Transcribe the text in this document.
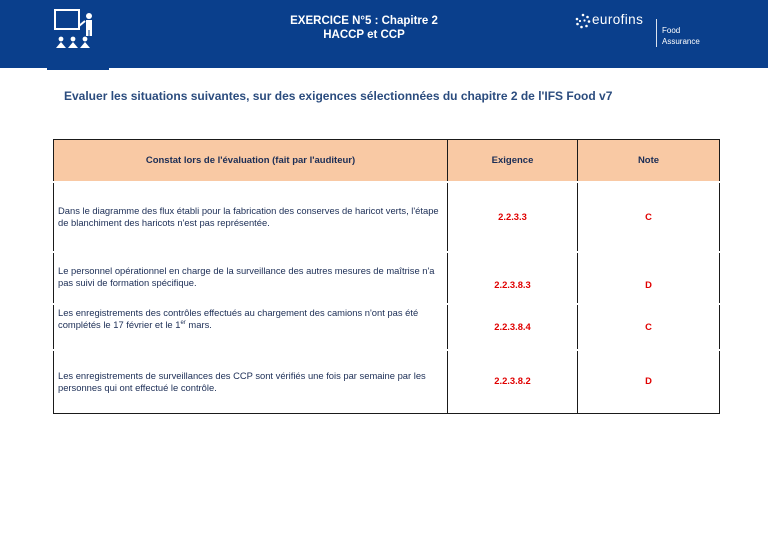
EXERCICE N°5 : Chapitre 2
HACCP et CCP
eurofins
Food
Assurance
Evaluer les situations suivantes, sur des exigences sélectionnées du chapitre 2 de l'IFS Food v7
Constat lors de l'évaluation (fait par l'auditeur)	Exigence	Note
Dans le diagramme des flux établi pour la fabrication des conserves de haricot verts, l'étape de blanchiment des haricots n'est pas représentée.	2.2.3.3	C
Le personnel opérationnel en charge de la surveillance des autres mesures de maîtrise n'a pas suivi de formation spécifique.	2.2.3.8.3	D
Les enregistrements des contrôles effectués au chargement des camions n'ont pas été complétés le 17 février et le 1er mars.	2.2.3.8.4	C
Les enregistrements de surveillances des CCP sont vérifiés une fois par semaine par les personnes qui ont effectué le contrôle.	2.2.3.8.2	D
